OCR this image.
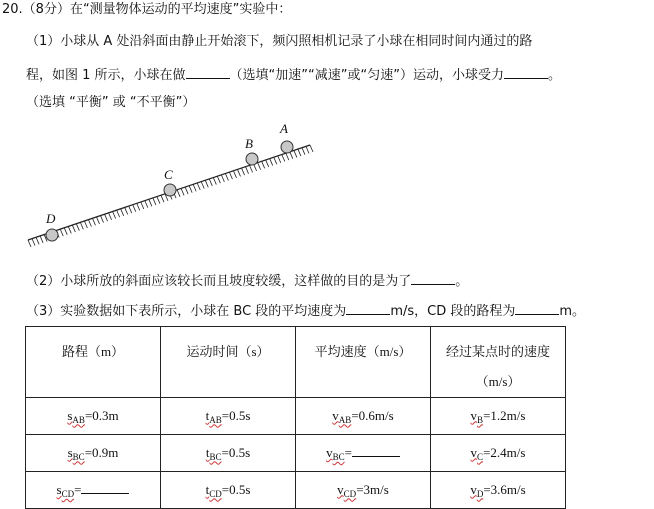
20.（8分）在“测量物体运动的平均速度”实验中：
（1）小球从 A 处沿斜面由静止开始滚下，频闪照相机记录了小球在相同时间内通过的路
程，如图 1 所示，小球在做	（选填“加速”“减速”或“匀速”）运动，小球受力	。
（选填 “平衡” 或 “不平衡”）
A
B
C
D
（2）小球所放的斜面应该较长而且坡度较缓，这样做的目的是为了	。
（3）实验数据如下表所示，小球在 BC 段的平均速度为	m/s，CD 段的路程为	m。
路程（m）	运动时间（s）	平均速度（m/s）	经过某点时的速度
（m/s）
$s_{AB}=0.3m$	$t_{AB}=0.5s$	$v_{AB}=0.6m/s$	$v_B=1.2m/s$
$s_{BC}=0.9m$	$t_{BC}=0.5s$	$v_{BC}=$	$v_C=2.4m/s$
$s_{CD}=$	$t_{CD}=0.5s$	$v_{CD}=3m/s$	$v_D=3.6m/s$
